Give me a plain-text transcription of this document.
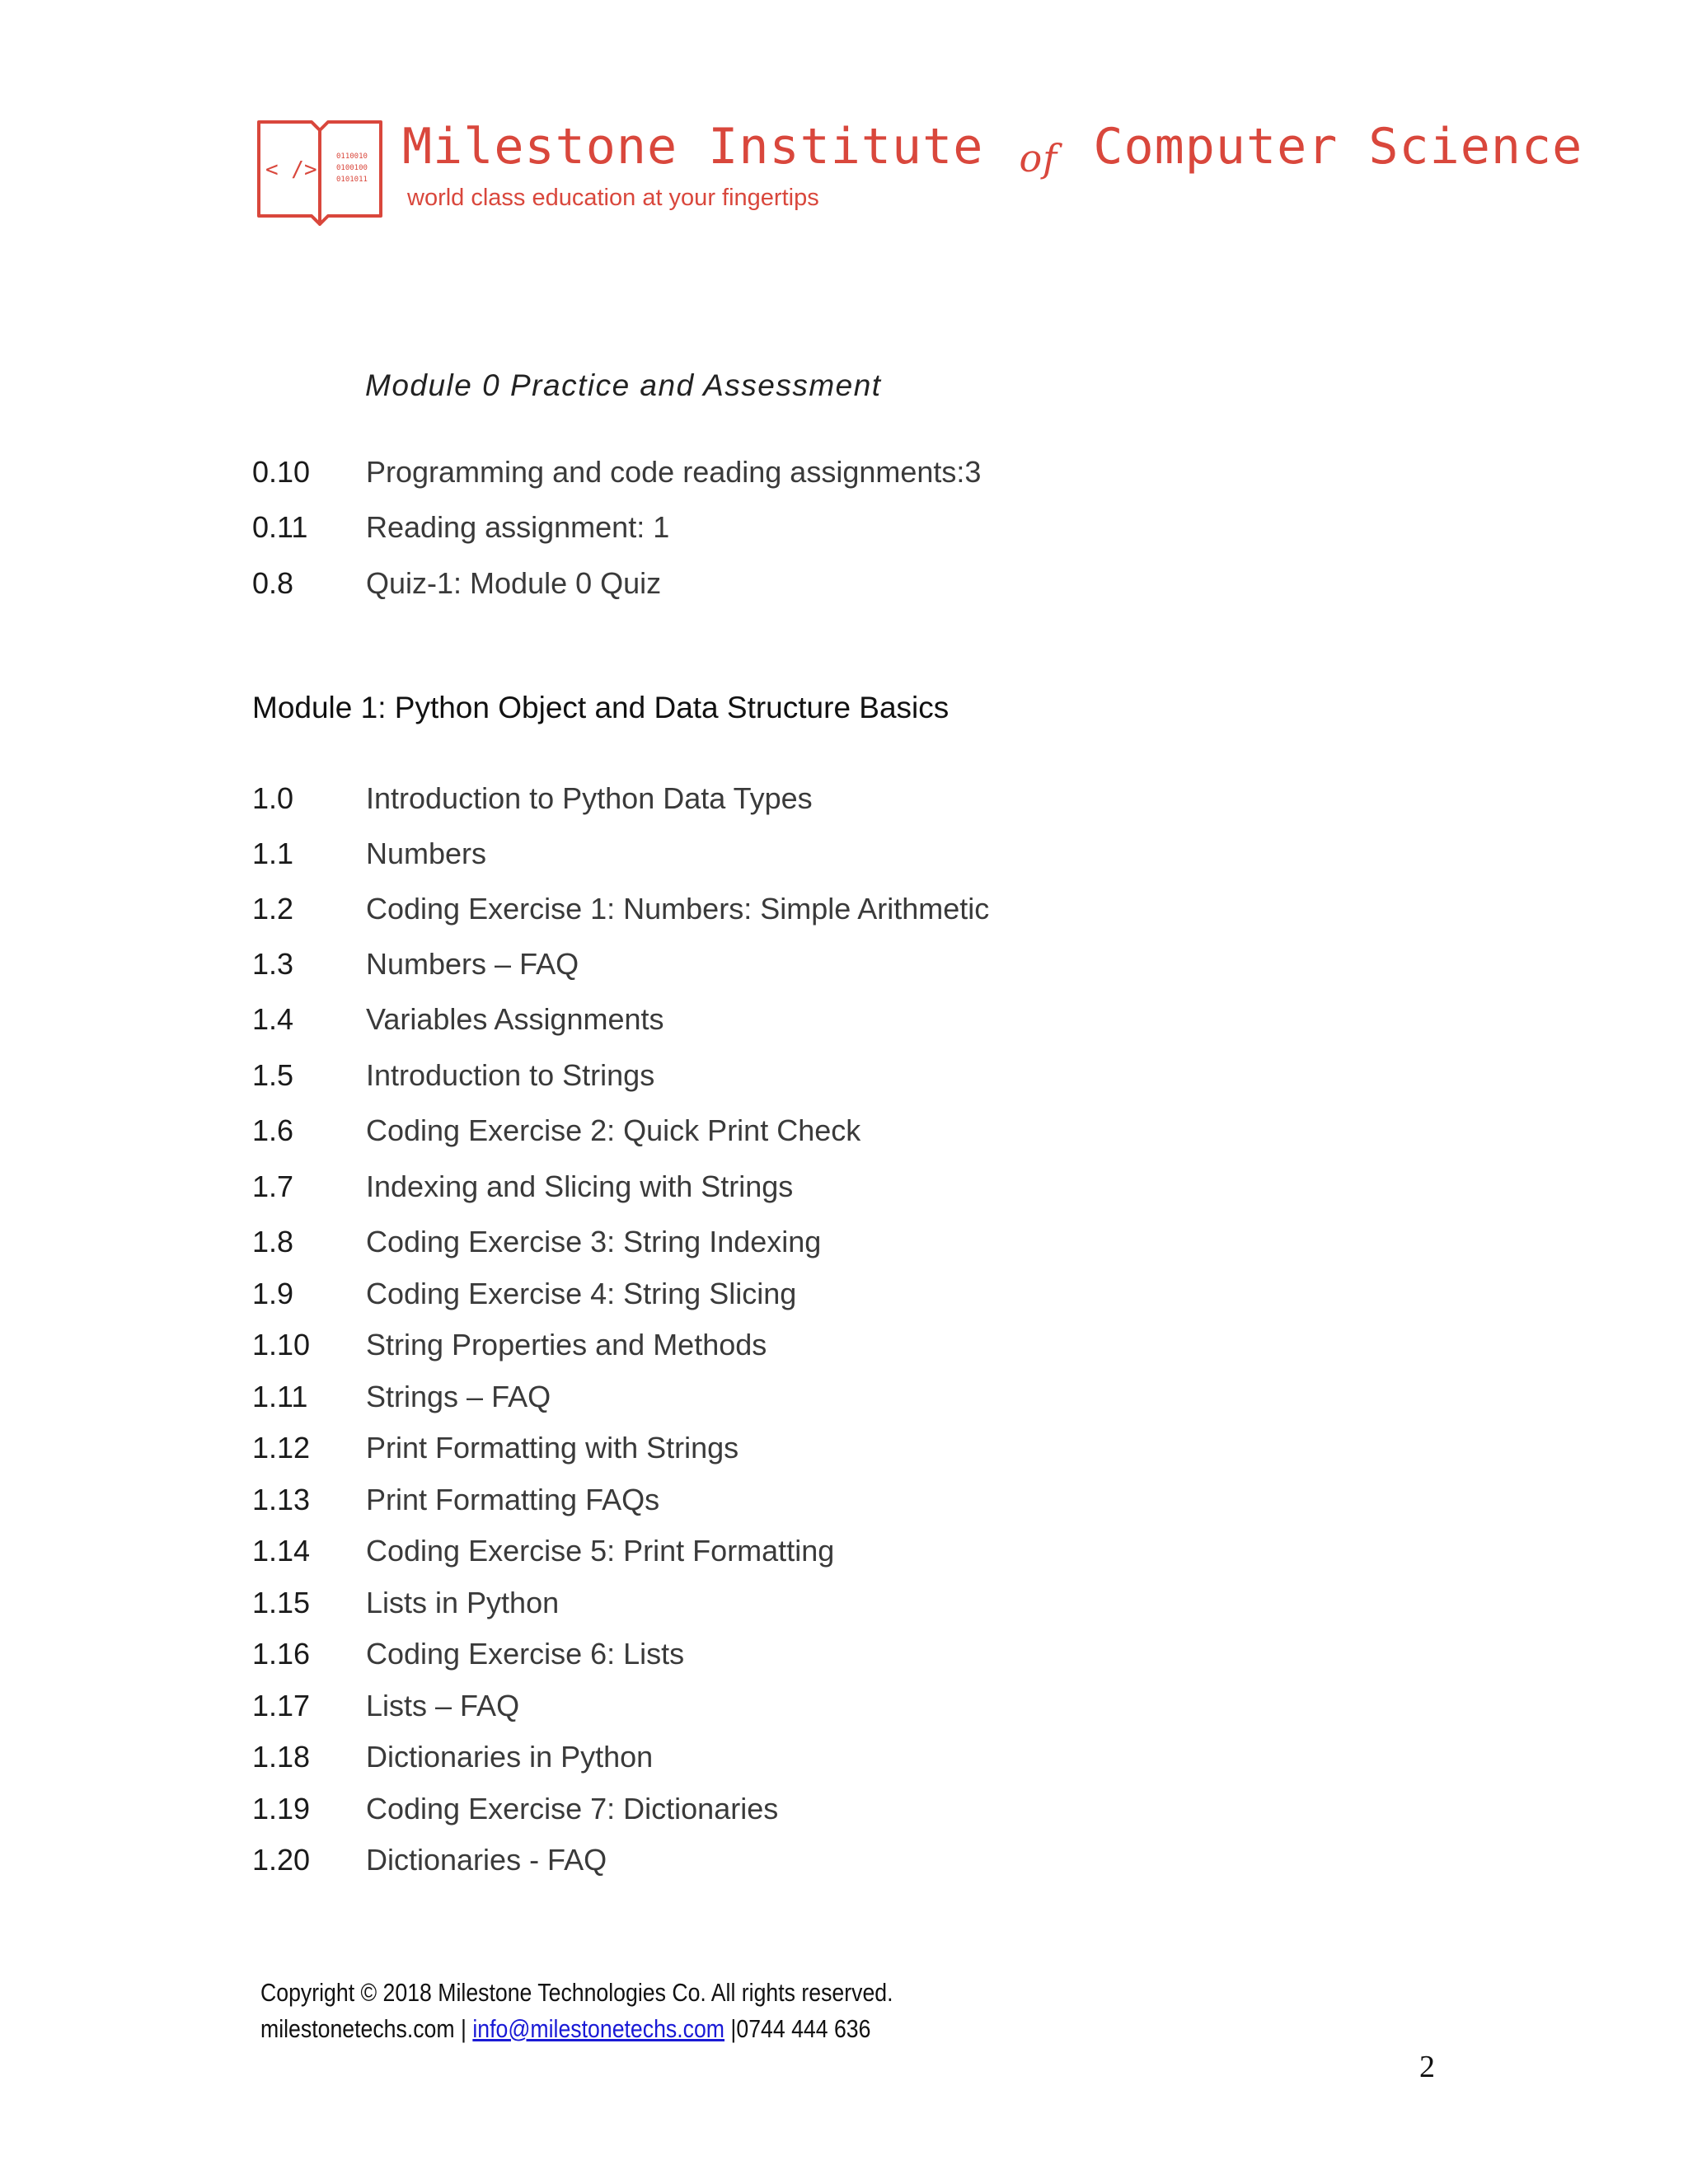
< />
0110010
0100100
0101011
Milestone Institute of Computer Science
world class education at your fingertips
Module 0 Practice and Assessment
0.10 Programming and code reading assignments:3
0.11 Reading assignment: 1
0.8 Quiz-1: Module 0 Quiz
Module 1: Python Object and Data Structure Basics
1.0 Introduction to Python Data Types
1.1 Numbers
1.2 Coding Exercise 1: Numbers: Simple Arithmetic
1.3 Numbers – FAQ
1.4 Variables Assignments
1.5 Introduction to Strings
1.6 Coding Exercise 2: Quick Print Check
1.7 Indexing and Slicing with Strings
1.8 Coding Exercise 3: String Indexing
1.9 Coding Exercise 4: String Slicing
1.10 String Properties and Methods
1.11 Strings – FAQ
1.12 Print Formatting with Strings
1.13 Print Formatting FAQs
1.14 Coding Exercise 5: Print Formatting
1.15 Lists in Python
1.16 Coding Exercise 6: Lists
1.17 Lists – FAQ
1.18 Dictionaries in Python
1.19 Coding Exercise 7: Dictionaries
1.20 Dictionaries - FAQ
Copyright © 2018 Milestone Technologies Co. All rights reserved.
milestonetechs.com | info@milestonetechs.com |0744 444 636
2
